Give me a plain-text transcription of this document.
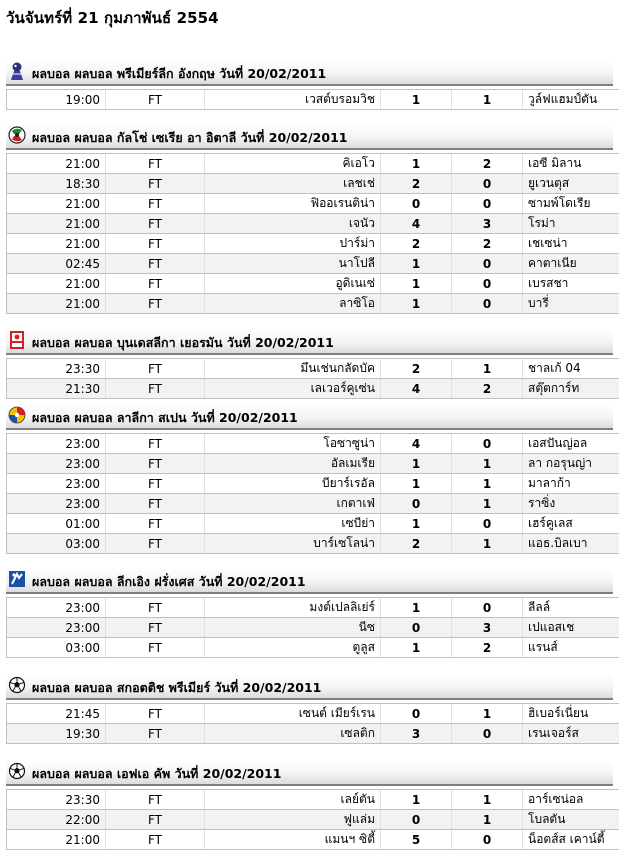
วันจันทร์ที่ 21 กุมภาพันธ์ 2554
ผลบอล ผลบอล พรีเมียร์ลีก อังกฤษ วันที่ 20/02/2011
19:00	FT	เวสต์บรอมวิช	1	1	วูล์ฟแฮมป์ตัน
ผลบอล ผลบอล กัลโช่ เซเรีย อา อิตาลี วันที่ 20/02/2011
21:00	FT	คิเอโว	1	2	เอซี มิลาน
18:30	FT	เลชเช่	2	0	ยูเวนตุส
21:00	FT	ฟิออเรนติน่า	0	0	ซามพ์โดเรีย
21:00	FT	เจนัว	4	3	โรม่า
21:00	FT	ปาร์ม่า	2	2	เชเซน่า
02:45	FT	นาโปลี	1	0	คาตาเนีย
21:00	FT	อูดิเนเซ่	1	0	เบรสชา
21:00	FT	ลาซิโอ	1	0	บารี่
ผลบอล ผลบอล บุนเดสลีกา เยอรมัน วันที่ 20/02/2011
23:30	FT	มึนเช่นกลัดบัค	2	1	ชาลเก้ 04
21:30	FT	เลเวอร์คูเซ่น	4	2	สตุ๊ตการ์ท
ผลบอล ผลบอล ลาลีกา สเปน วันที่ 20/02/2011
23:00	FT	โอซาซูน่า	4	0	เอสปันญ่อล
23:00	FT	อัลเมเรีย	1	1	ลา กอรุนญ่า
23:00	FT	บียาร์เรอัล	1	1	มาลาก้า
23:00	FT	เกตาเฟ่	0	1	ราซิ่ง
01:00	FT	เซบีย่า	1	0	เฮร์คูเลส
03:00	FT	บาร์เซโลน่า	2	1	แอธ.บิลเบา
ผลบอล ผลบอล ลีกเอิง ฝรั่งเศส วันที่ 20/02/2011
23:00	FT	มงต์เปลลิเย่ร์	1	0	ลีลล์
23:00	FT	นีซ	0	3	เปแอสเช
03:00	FT	ตูลูส	1	2	แรนส์
ผลบอล ผลบอล สกอตติช พรีเมียร์ วันที่ 20/02/2011
21:45	FT	เซนต์ เมียร์เรน	0	1	ฮิเบอร์เนี่ยน
19:30	FT	เซลติก	3	0	เรนเจอร์ส
ผลบอล ผลบอล เอฟเอ คัพ วันที่ 20/02/2011
23:30	FT	เลย์ตัน	1	1	อาร์เซน่อล
22:00	FT	ฟูแล่ม	0	1	โบลตัน
21:00	FT	แมนฯ ซิตี้	5	0	น็อตส์ส เคาน์ตี้
